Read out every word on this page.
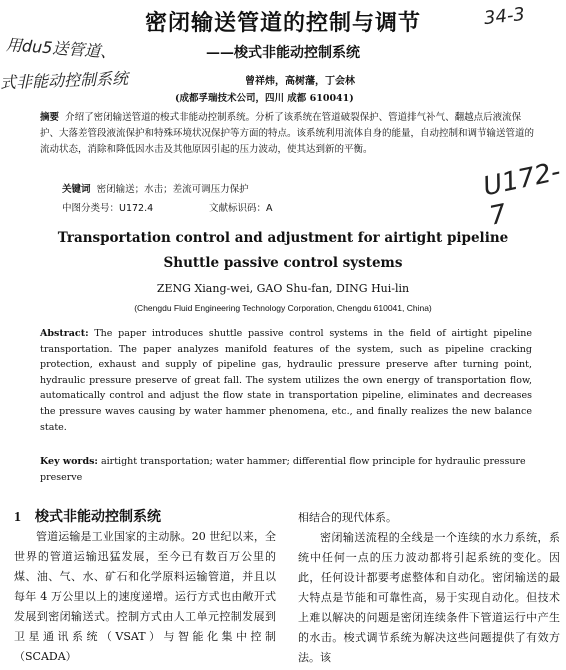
密闭输送管道的控制与调节
——梭式非能动控制系统
曾祥炜，高树藩，丁会林
(成都孚瑞技术公司，四川 成都 610041)
摘要 介绍了密闭输送管道的梭式非能动控制系统。分析了该系统在管道破裂保护、管道排气补气、翻越点后液流保护、大落差管段液流保护和特殊环境状况保护等方面的特点。该系统利用流体自身的能量，自动控制和调节输送管道的流动状态，消除和降低因水击及其他原因引起的压力波动，使其达到新的平衡。
关键词 密闭输送；水击；差流可调压力保护
中图分类号：U172.4	文献标识码：A
Transportation control and adjustment for airtight pipeline
Shuttle passive control systems
ZENG Xiang-wei, GAO Shu-fan, DING Hui-lin
(Chengdu Fluid Engineering Technology Corporation, Chengdu 610041, China)
Abstract: The paper introduces shuttle passive control systems in the field of airtight pipeline transportation. The paper analyzes manifold features of the system, such as pipeline cracking protection, exhaust and supply of pipeline gas, hydraulic pressure preserve after turning point, hydraulic pressure preserve of great fall. The system utilizes the own energy of transportation flow, automatically control and adjust the flow state in transportation pipeline, eliminates and decreases the pressure waves causing by water hammer phenomena, etc., and finally realizes the new balance state.
Key words: airtight transportation; water hammer; differential flow principle for hydraulic pressure preserve
1 梭式非能动控制系统

管道运输是工业国家的主动脉。20 世纪以来，全世界的管道运输迅猛发展，至今已有数百万公里的煤、油、气、水、矿石和化学原料运输管道，并且以每年 4 万公里以上的速度递增。运行方式也由敞开式发展到密闭输送式。控制方式由人工单元控制发展到卫星通讯系统（VSAT）与智能化集中控制（SCADA）

相结合的现代体系。

密闭输送流程的全线是一个连续的水力系统，系统中任何一点的压力波动都将引起系统的变化。因此，任何设计都要考虑整体和自动化。密闭输送的最大特点是节能和可靠性高，易于实现自动化。但技术上难以解决的问题是密闭连续条件下管道运行中产生的水击。梭式调节系统为解决这些问题提供了有效方法。该

用du5送管道、
式非能动控制系统
34-3
U172-7
